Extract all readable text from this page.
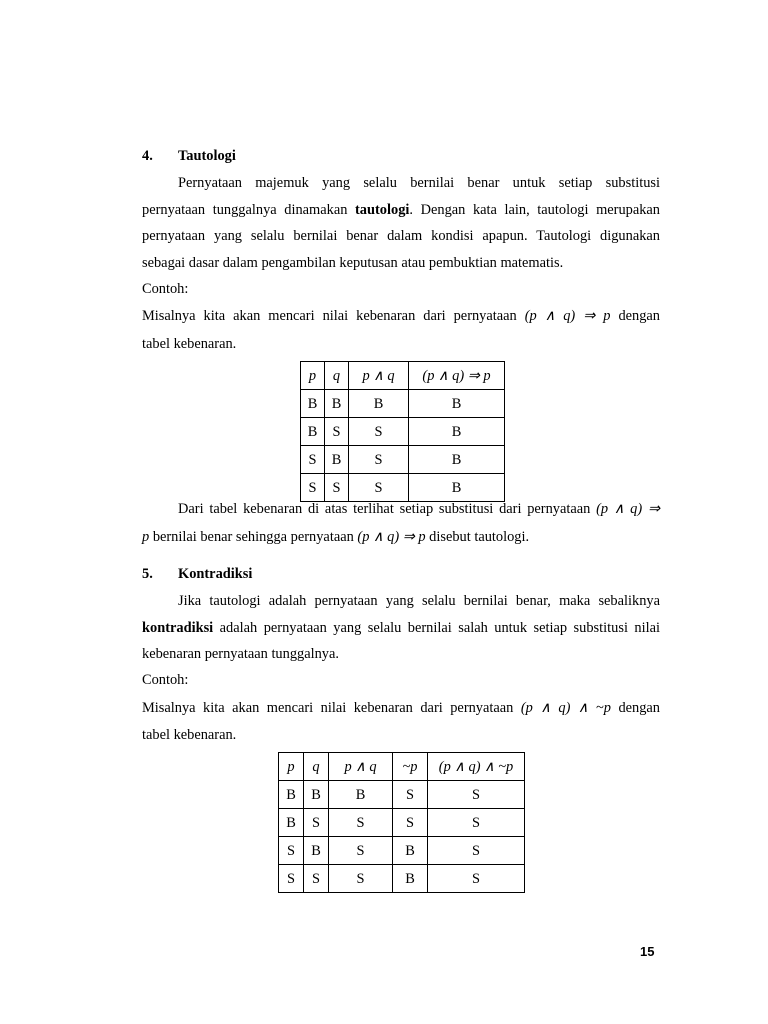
4. Tautologi
Pernyataan majemuk yang selalu bernilai benar untuk setiap substitusi
pernyataan tunggalnya dinamakan tautologi. Dengan kata lain, tautologi merupakan
pernyataan yang selalu bernilai benar dalam kondisi apapun. Tautologi digunakan
sebagai dasar dalam pengambilan keputusan atau pembuktian matematis.
Contoh:
Misalnya kita akan mencari nilai kebenaran dari pernyataan (p ∧ q) ⇒ p dengan
tabel kebenaran.
p	q	p ∧ q	(p ∧ q) ⇒ p
B	B	B	B
B	S	S	B
S	B	S	B
S	S	S	B
Dari tabel kebenaran di atas terlihat setiap substitusi dari pernyataan (p ∧ q) ⇒
p bernilai benar sehingga pernyataan (p ∧ q) ⇒ p disebut tautologi.
5. Kontradiksi
Jika tautologi adalah pernyataan yang selalu bernilai benar, maka sebaliknya
kontradiksi adalah pernyataan yang selalu bernilai salah untuk setiap substitusi nilai
kebenaran pernyataan tunggalnya.
Contoh:
Misalnya kita akan mencari nilai kebenaran dari pernyataan (p ∧ q) ∧ ~p dengan
tabel kebenaran.
p	q	p ∧ q	~p	(p ∧ q) ∧ ~p
B	B	B	S	S
B	S	S	S	S
S	B	S	B	S
S	S	S	B	S
15
